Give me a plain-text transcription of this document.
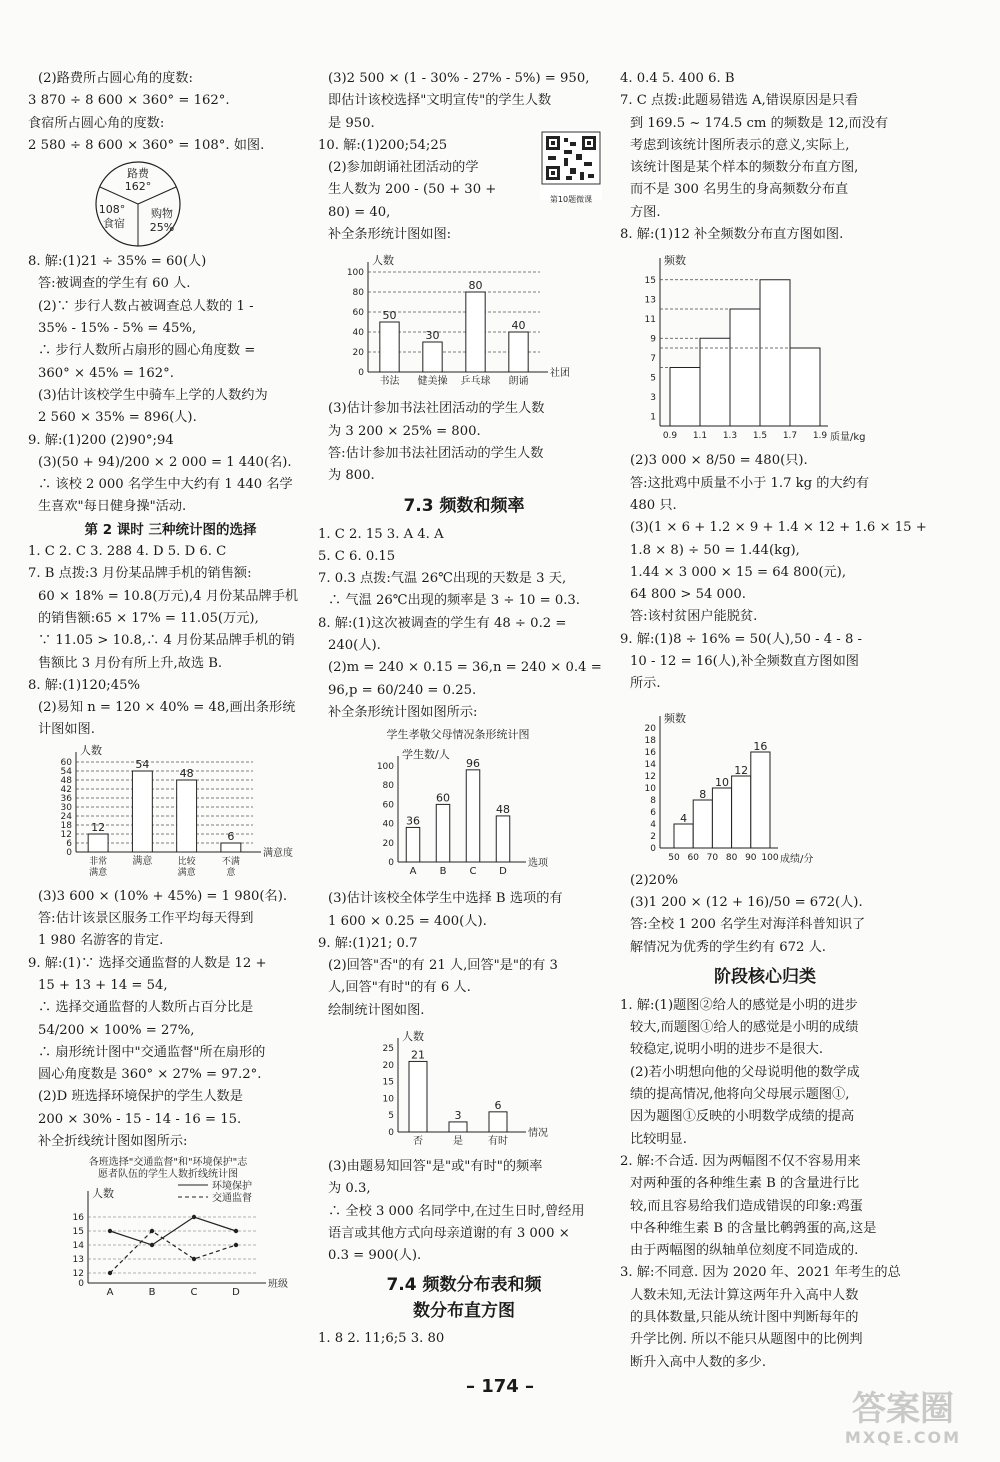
(2)路费所占圆心角的度数:
3 870 ÷ 8 600 × 360° = 162°.
食宿所占圆心角的度数:
2 580 ÷ 8 600 × 360° = 108°. 如图.
路费
162°
108°
食宿
购物
25%
8. 解:(1)21 ÷ 35% = 60(人)
答:被调查的学生有 60 人.
(2)∵ 步行人数占被调查总人数的 1 -
35% - 15% - 5% = 45%,
∴ 步行人数所占扇形的圆心角度数 =
360° × 45% = 162°.
(3)估计该校学生中骑车上学的人数约为
2 560 × 35% = 896(人).
9. 解:(1)200 (2)90°;94
(3)(50 + 94)/200 × 2 000 = 1 440(名).
∴ 该校 2 000 名学生中大约有 1 440 名学
生喜欢"每日健身操"活动.
第 2 课时 三种统计图的选择
1. C 2. C 3. 288 4. D 5. D 6. C
7. B 点拨:3 月份某品牌手机的销售额:
60 × 18% = 10.8(万元),4 月份某品牌手机
的销售额:65 × 17% = 11.05(万元),
∵ 11.05 > 10.8,∴ 4 月份某品牌手机的销
售额比 3 月份有所上升,故选 B.
8. 解:(1)120;45%
(2)易知 n = 120 × 40% = 48,画出条形统
计图如图.
60
54
48
42
36
30
24
18
12
6
0
人数
满意度
12
非常
满意
54
满意
48
比较
满意
6
不满
意
(3)3 600 × (10% + 45%) = 1 980(名).
答:估计该景区服务工作平均每天得到
1 980 名游客的肯定.
9. 解:(1)∵ 选择交通监督的人数是 12 +
15 + 13 + 14 = 54,
∴ 选择交通监督的人数所占百分比是
54/200 × 100% = 27%,
∴ 扇形统计图中"交通监督"所在扇形的
圆心角度数是 360° × 27% = 97.2°.
(2)D 班选择环境保护的学生人数是
200 × 30% - 15 - 14 - 16 = 15.
补全折线统计图如图所示:
各班选择"交通监督"和"环境保护"志
愿者队伍的学生人数折线统计图
人数
班级
16
15
14
13
12
0
A	B	C	D
环境保护
交通监督
(3)2 500 × (1 - 30% - 27% - 5%) = 950,
即估计该校选择"文明宣传"的学生人数
是 950.
10. 解:(1)200;54;25
(2)参加朗诵社团活动的学
生人数为 200 - (50 + 30 +
80) = 40,
补全条形统计图如图:
第10题微课
100
80
60
40
20
0
人数
社团
50
书法
30
健美操
80
乒乓球
40
朗诵
(3)估计参加书法社团活动的学生人数
为 3 200 × 25% = 800.
答:估计参加书法社团活动的学生人数
为 800.
7.3 频数和频率
1. C 2. 15 3. A 4. A
5. C 6. 0.15
7. 0.3 点拨:气温 26℃出现的天数是 3 天,
∴ 气温 26℃出现的频率是 3 ÷ 10 = 0.3.
8. 解:(1)这次被调查的学生有 48 ÷ 0.2 =
240(人).
(2)m = 240 × 0.15 = 36,n = 240 × 0.4 =
96,p = 60/240 = 0.25.
补全条形统计图如图所示:
学生孝敬父母情况条形统计图
100
80
60
40
20
0
学生数/人
选项
36
A
60
B
96
C
48
D
(3)估计该校全体学生中选择 B 选项的有
1 600 × 0.25 = 400(人).
9. 解:(1)21; 0.7
(2)回答"否"的有 21 人,回答"是"的有 3
人,回答"有时"的有 6 人.
绘制统计图如图.
25
20
15
10
5
0
人数
情况
21
否
3
是
6
有时
(3)由题易知回答"是"或"有时"的频率
为 0.3,
∴ 全校 3 000 名同学中,在过生日时,曾经用
语言或其他方式向母亲道谢的有 3 000 ×
0.3 = 900(人).
7.4 频数分布表和频
数分布直方图
1. 8 2. 11;6;5 3. 80
4. 0.4 5. 400 6. B
7. C 点拨:此题易错选 A,错误原因是只看
到 169.5 ~ 174.5 cm 的频数是 12,而没有
考虑到该统计图所表示的意义,实际上,
该统计图是某个样本的频数分布直方图,
而不是 300 名男生的身高频数分布直
方图.
8. 解:(1)12 补全频数分布直方图如图.
频数
15
13
11
9
7
5
3
1
0.9 1.1 1.3 1.5 1.7 1.9 质量/kg
(2)3 000 × 8/50 = 480(只).
答:这批鸡中质量不小于 1.7 kg 的大约有
480 只.
(3)(1 × 6 + 1.2 × 9 + 1.4 × 12 + 1.6 × 15 +
1.8 × 8) ÷ 50 = 1.44(kg),
1.44 × 3 000 × 15 = 64 800(元),
64 800 > 54 000.
答:该村贫困户能脱贫.
9. 解:(1)8 ÷ 16% = 50(人),50 - 4 - 8 -
10 - 12 = 16(人),补全频数直方图如图
所示.
频数
20
18
16
14
12
10
8
6
4
2
0
50 60 70 80 90 100 成绩/分
4
8
10
12
16
(2)20%
(3)1 200 × (12 + 16)/50 = 672(人).
答:全校 1 200 名学生对海洋科普知识了
解情况为优秀的学生约有 672 人.
阶段核心归类
1. 解:(1)题图②给人的感觉是小明的进步
较大,而题图①给人的感觉是小明的成绩
较稳定,说明小明的进步不是很大.
(2)若小明想向他的父母说明他的数学成
绩的提高情况,他将向父母展示题图①,
因为题图①反映的小明数学成绩的提高
比较明显.
2. 解:不合适. 因为两幅图不仅不容易用来
对两种蛋的各种维生素 B 的含量进行比
较,而且容易给我们造成错误的印象:鸡蛋
中各种维生素 B 的含量比鹌鹑蛋的高,这是
由于两幅图的纵轴单位刻度不同造成的.
3. 解:不同意. 因为 2020 年、2021 年考生的总
人数未知,无法计算这两年升入高中人数
的具体数量,只能从统计图中判断每年的
升学比例. 所以不能只从题图中的比例判
断升入高中人数的多少.
– 174 –
答案圈
MXQE.COM
